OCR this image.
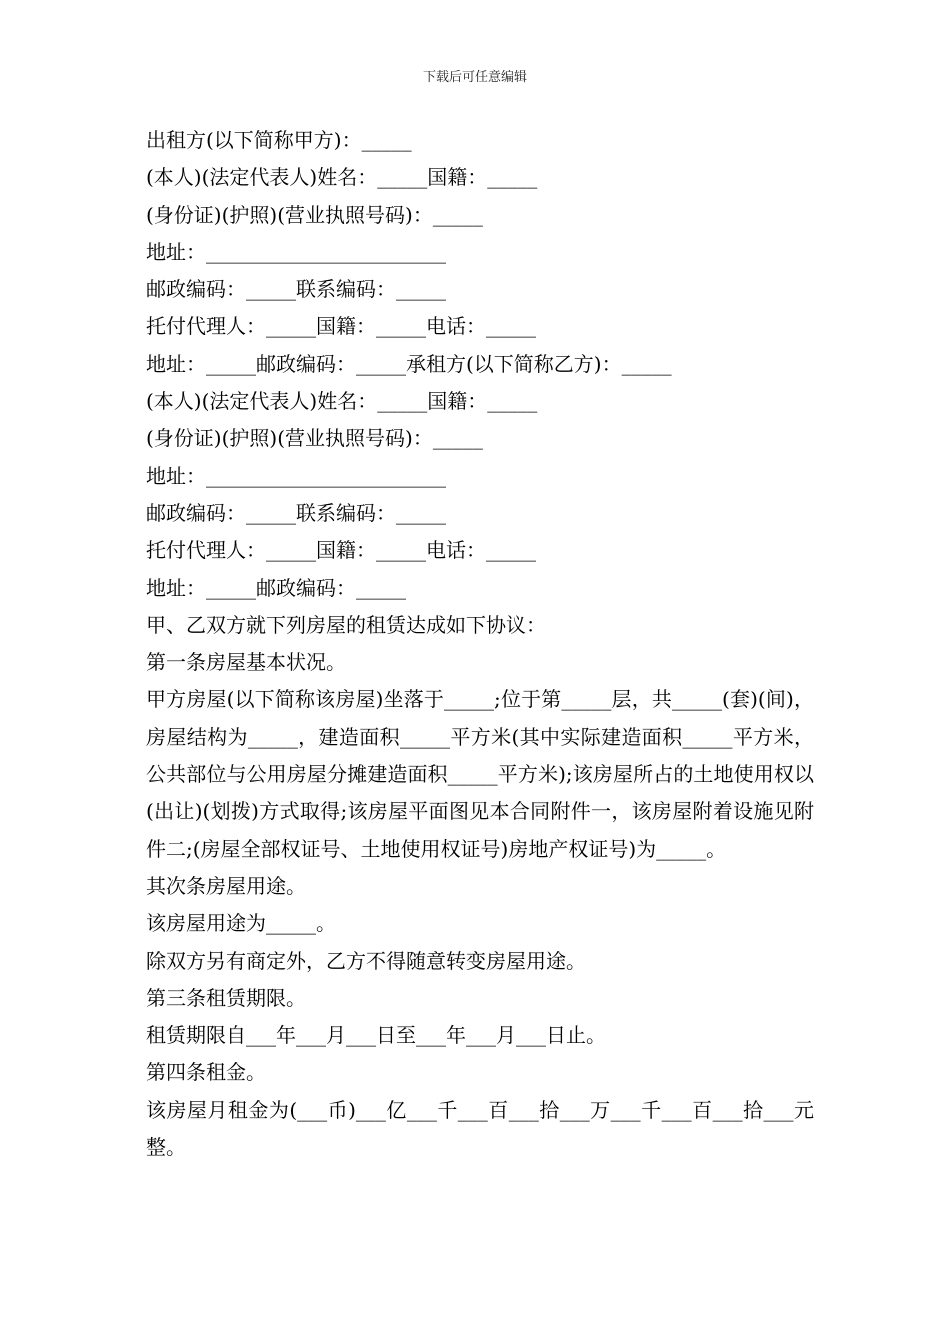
下载后可任意编辑
出租方(以下简称甲方)：_____
(本人)(法定代表人)姓名：_____国籍：_____
(身份证)(护照)(营业执照号码)：_____
地址：________________________
邮政编码：_____联系编码：_____
托付代理人：_____国籍：_____电话：_____
地址：_____邮政编码：_____承租方(以下简称乙方)：_____
(本人)(法定代表人)姓名：_____国籍：_____
(身份证)(护照)(营业执照号码)：_____
地址：________________________
邮政编码：_____联系编码：_____
托付代理人：_____国籍：_____电话：_____
地址：_____邮政编码：_____
甲、乙双方就下列房屋的租赁达成如下协议：
第一条房屋基本状况。
甲方房屋(以下简称该房屋)坐落于_____;位于第_____层，共_____(套)(间)，房屋结构为_____，建造面积_____平方米(其中实际建造面积_____平方米，公共部位与公用房屋分摊建造面积_____平方米);该房屋所占的土地使用权以(出让)(划拨)方式取得;该房屋平面图见本合同附件一，该房屋附着设施见附件二;(房屋全部权证号、土地使用权证号)房地产权证号)为_____。
其次条房屋用途。
该房屋用途为_____。
除双方另有商定外，乙方不得随意转变房屋用途。
第三条租赁期限。
租赁期限自___年___月___日至___年___月___日止。
第四条租金。
该房屋月租金为(___币)___亿___千___百___拾___万___千___百___拾___元整。
